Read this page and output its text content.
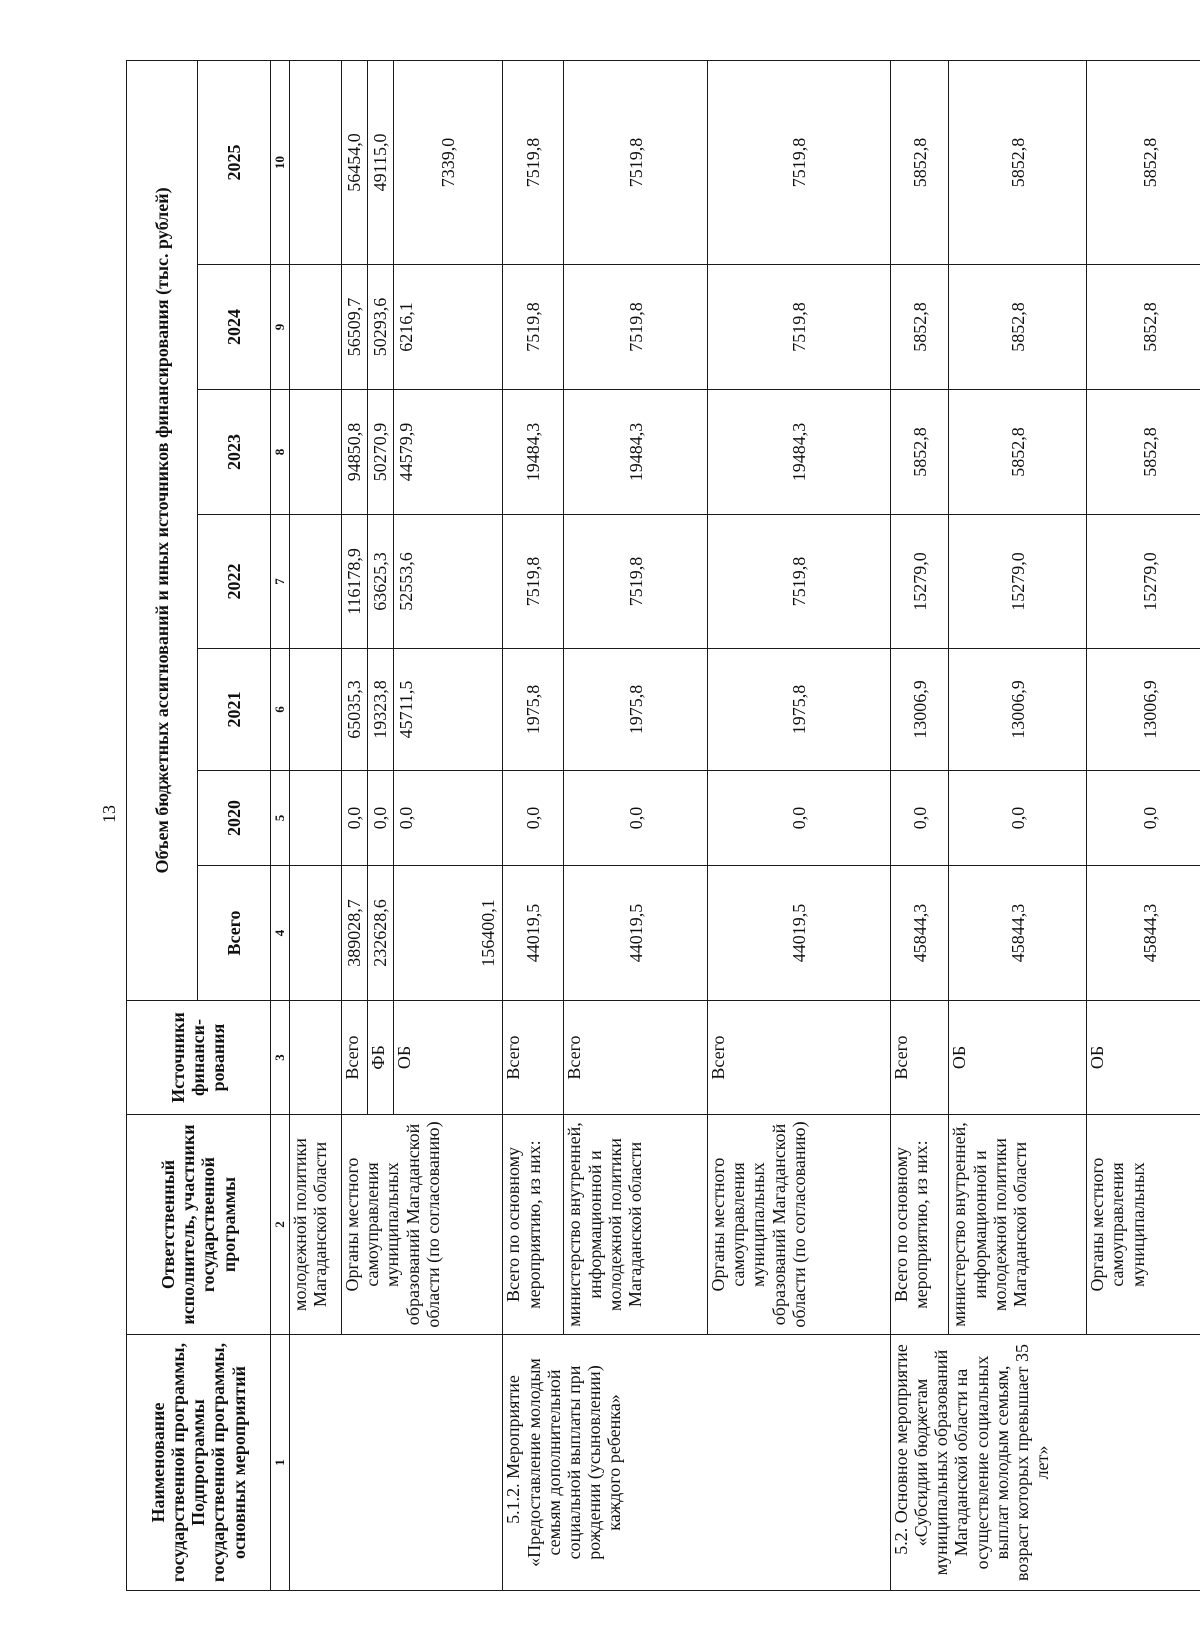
13
Наименование государственной программы, Подпрограммы государственной программы, основных мероприятий	Ответственный исполнитель, участники государственной программы	Источники финанси-рования	Объем бюджетных ассигнований и иных источников финансирования (тыс. рублей)						
			Всего	2020	2021	2022	2023	2024	2025
1	2	3	4	5	6	7	8	9	10
	молодежной политики Магаданской области								
	Органы местного самоуправления муниципальных образований Магаданской области (по согласованию)	Всего	389028,7	0,0	65035,3	116178,9	94850,8	56509,7	56454,0
		ФБ	232628,6	0,0	19323,8	63625,3	50270,9	50293,6	49115,0
		ОБ	156400,1	0,0	45711,5	52553,6	44579,9	6216,1	7339,0

5.1.2. Мероприятие «Предоставление молодым семьям дополнительной социальной выплаты при рождении (усыновлении) каждого ребенка»	Всего по основному мероприятию, из них:	Всего	44019,5	0,0	1975,8	7519,8	19484,3	7519,8	7519,8
	министерство внутренней, информационной и молодежной политики Магаданской области	Всего	44019,5	0,0	1975,8	7519,8	19484,3	7519,8	7519,8
	Органы местного самоуправления муниципальных образований Магаданской области (по согласованию)	Всего	44019,5	0,0	1975,8	7519,8	19484,3	7519,8	7519,8

5.2. Основное мероприятие «Субсидии бюджетам муниципальных образований Магаданской области на осуществление социальных выплат молодым семьям, возраст которых превышает 35 лет»	Всего по основному мероприятию, из них:	Всего	45844,3	0,0	13006,9	15279,0	5852,8	5852,8	5852,8
	министерство внутренней, информационной и молодежной политики Магаданской области	ОБ	45844,3	0,0	13006,9	15279,0	5852,8	5852,8	5852,8
	Органы местного самоуправления муниципальных	ОБ	45844,3	0,0	13006,9	15279,0	5852,8	5852,8	5852,8
